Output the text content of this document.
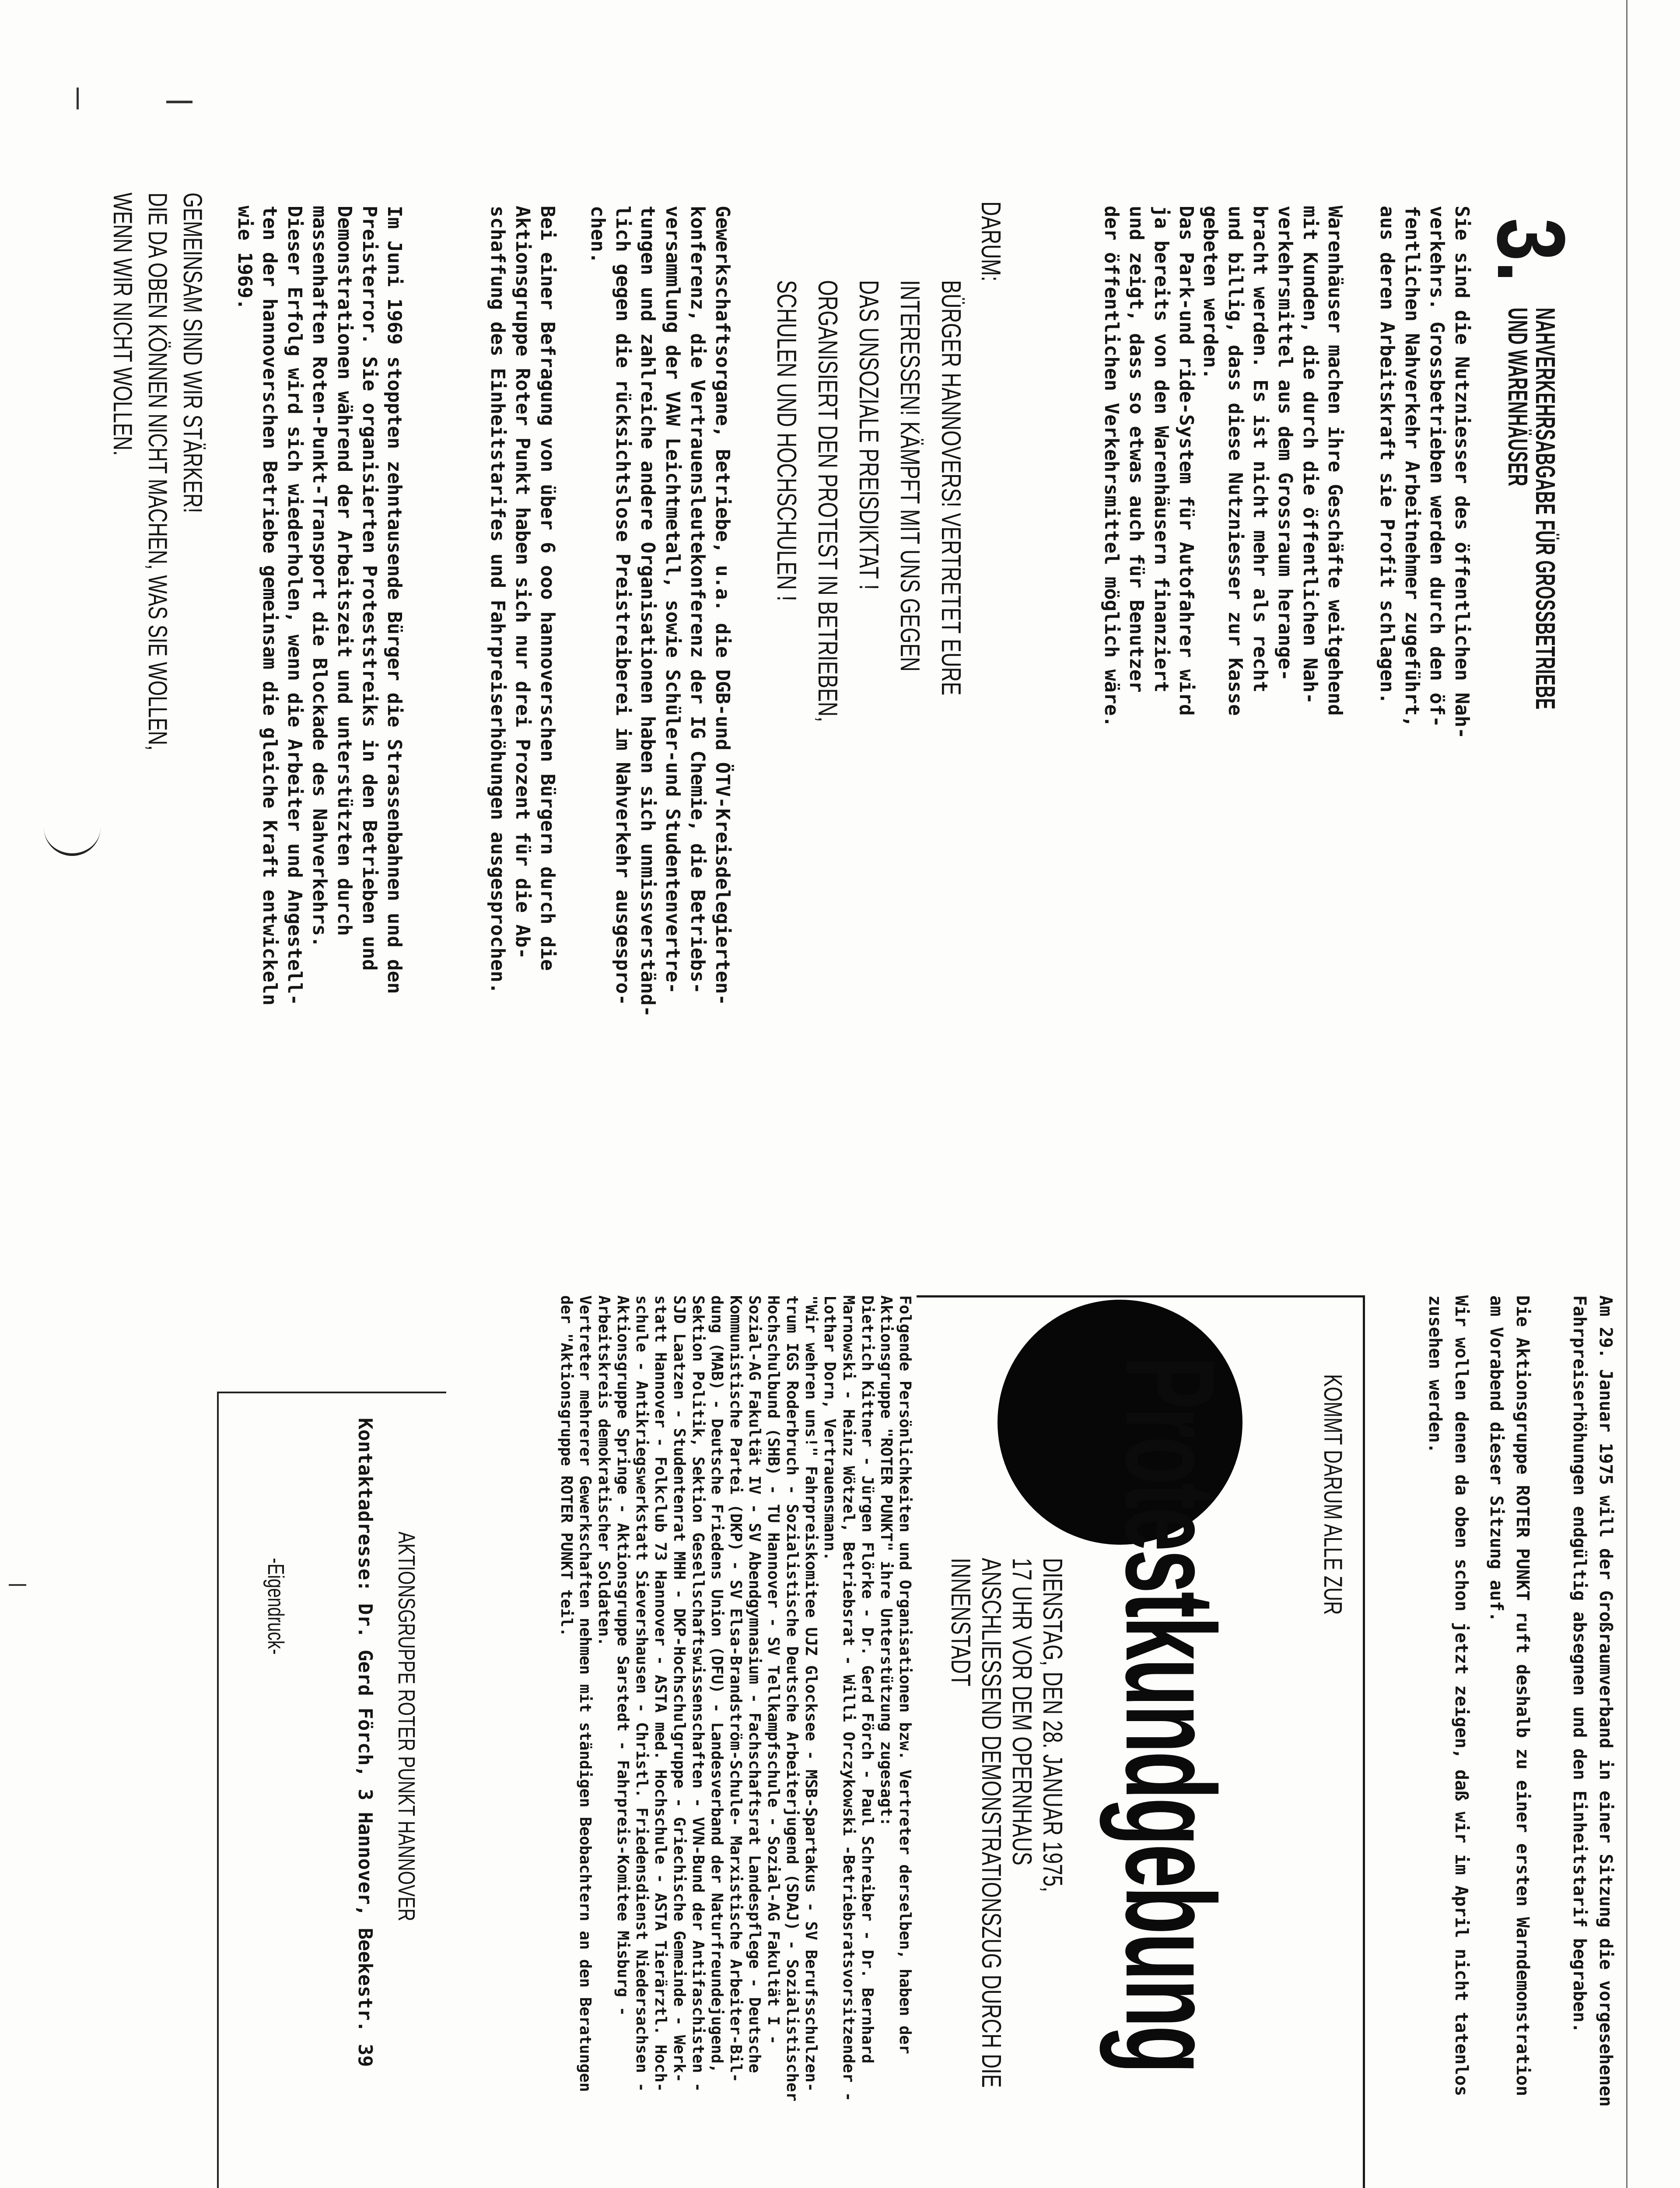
3.
NAHVERKEHRSABGABE FÜR GROSSBETRIEBE
UND WARENHÄUSER
Sie sind die Nutzniesser des öffentlichen Nah-
verkehrs. Grossbetrieben werden durch den öf-
fentlichen Nahverkehr Arbeitnehmer zugeführt,
aus deren Arbeitskraft sie Profit schlagen.
Warenhäuser machen ihre Geschäfte weitgehend
mit Kunden, die durch die öffentlichen Nah-
verkehrsmittel aus dem Grossraum herange-
bracht werden. Es ist nicht mehr als recht
und billig, dass diese Nutzniesser zur Kasse
gebeten werden.
Das Park-und ride-System für Autofahrer wird
ja bereits von den Warenhäusern finanziert
und zeigt, dass so etwas auch für Benutzer
der öffentlichen Verkehrsmittel möglich wäre.
DARUM:
BÜRGER HANNOVERS! VERTRETET EURE
INTERESSEN! KÄMPFT MIT UNS GEGEN
DAS UNSOZIALE PREISDIKTAT !
ORGANISIERT DEN PROTEST IN BETRIEBEN,
SCHULEN UND HOCHSCHULEN !
Gewerkschaftsorgane, Betriebe, u.a. die DGB-und ÖTV-Kreisdelegierten-
konferenz, die Vertrauensleutekonferenz der IG Chemie, die Betriebs-
versammlung der VAW Leichtmetall, sowie Schüler-und Studentenvertre-
tungen und zahlreiche andere Organisationen haben sich unmissverständ-
lich gegen die rücksichtslose Preistreiberei im Nahverkehr ausgespro-
chen.
Bei einer Befragung von über 6 ooo hannoverschen Bürgern durch die
Aktionsgruppe Roter Punkt haben sich nur drei Prozent für die Ab-
schaffung des Einheitstarifes und Fahrpreiserhöhungen ausgesprochen.
Im Juni 1969 stoppten zehntausende Bürger die Strassenbahnen und den
Preisterror. Sie organisierten Proteststreiks in den Betrieben und
Demonstrationen während der Arbeitszeit und unterstützten durch
massenhaften Roten-Punkt-Transport die Blockade des Nahverkehrs.
Dieser Erfolg wird sich wiederholen, wenn die Arbeiter und Angestell-
ten der hannoverschen Betriebe gemeinsam die gleiche Kraft entwickeln
wie 1969.
GEMEINSAM SIND WIR STÄRKER!
DIE DA OBEN KÖNNEN NICHT MACHEN, WAS SIE WOLLEN,
WENN WIR NICHT WOLLEN.
Am 29. Januar 1975 will der Großraumverband in einer Sitzung die vorgesehenen
Fahrpreiserhöhungen endgültig absegnen und den Einheitstarif begraben.
Die Aktionsgruppe ROTER PUNKT ruft deshalb zu einer ersten Warndemonstration
am Vorabend dieser Sitzung auf.
Wir wollen denen da oben schon jetzt zeigen, daß wir im April nicht tatenlos
zusehen werden.
KOMMT DARUM ALLE ZUR
Protestkundgebung
DIENSTAG, DEN 28. JANUAR 1975,
17 UHR VOR DEM OPERNHAUS
ANSCHLIESSEND DEMONSTRATIONSZUG DURCH DIE
INNENSTADT
Folgende Persönlichkeiten und Organisationen bzw. Vertreter derselben, haben der
Aktionsgruppe "ROTER PUNKT" ihre Unterstützung zugesagt:
Dietrich Kittner - Jürgen Flörke - Dr. Gerd Förch - Paul Schreiber - Dr. Bernhard
Marnowski - Heinz Wötzel, Betriebsrat - Willi Orczykowski -Betriebsratsvorsitzender -
Lothar Dorn, Vertrauensmann.
"Wir wehren uns!" Fahrpreiskomitee UJZ Glocksee - MSB-Spartakus - SV Berufsschulzen-
trum IGS Roderbruch - Sozialistische Deutsche Arbeiterjugend (SDAJ) - Sozialistischer
Hochschulbund (SHB) - TU Hannover - SV Tellkampfschule - Sozial-AG Fakultät I -
Sozial-AG Fakultät IV - SV Abendgymnasium - Fachschaftsrat Landespflege - Deutsche
Kommunistische Partei (DKP) - SV Elsa-Brandström-Schule- Marxistische Arbeiter-Bil-
dung (MAB) - Deutsche Friedens Union (DFU) - Landesverband der Naturfreundejugend,
Sektion Politik, Sektion Gesellschaftswissenschaften - VVN-Bund der Antifaschisten -
SJD Laatzen - Studentenrat MHH - DKP-Hochschulgruppe - Griechische Gemeinde - Werk-
statt Hannover - Folkclub 73 Hannover - ASTA med. Hochschule - ASTA Tierärztl. Hoch-
schule - Antikriegswerkstatt Sievershausen - Christl. Friedensdienst Niedersachsen -
Aktionsgruppe Springe - Aktionsgruppe Sarstedt - Fahrpreis-Komitee Misburg -
Arbeitskreis demokratischer Soldaten.
Vertreter mehrerer Gewerkschaften nehmen mit ständigen Beobachtern an den Beratungen
der "Aktionsgruppe ROTER PUNKT teil.
AKTIONSGRUPPE ROTER PUNKT HANNOVER
Kontaktadresse: Dr. Gerd Förch, 3 Hannover, Beekestr. 39
-Eigendruck-
